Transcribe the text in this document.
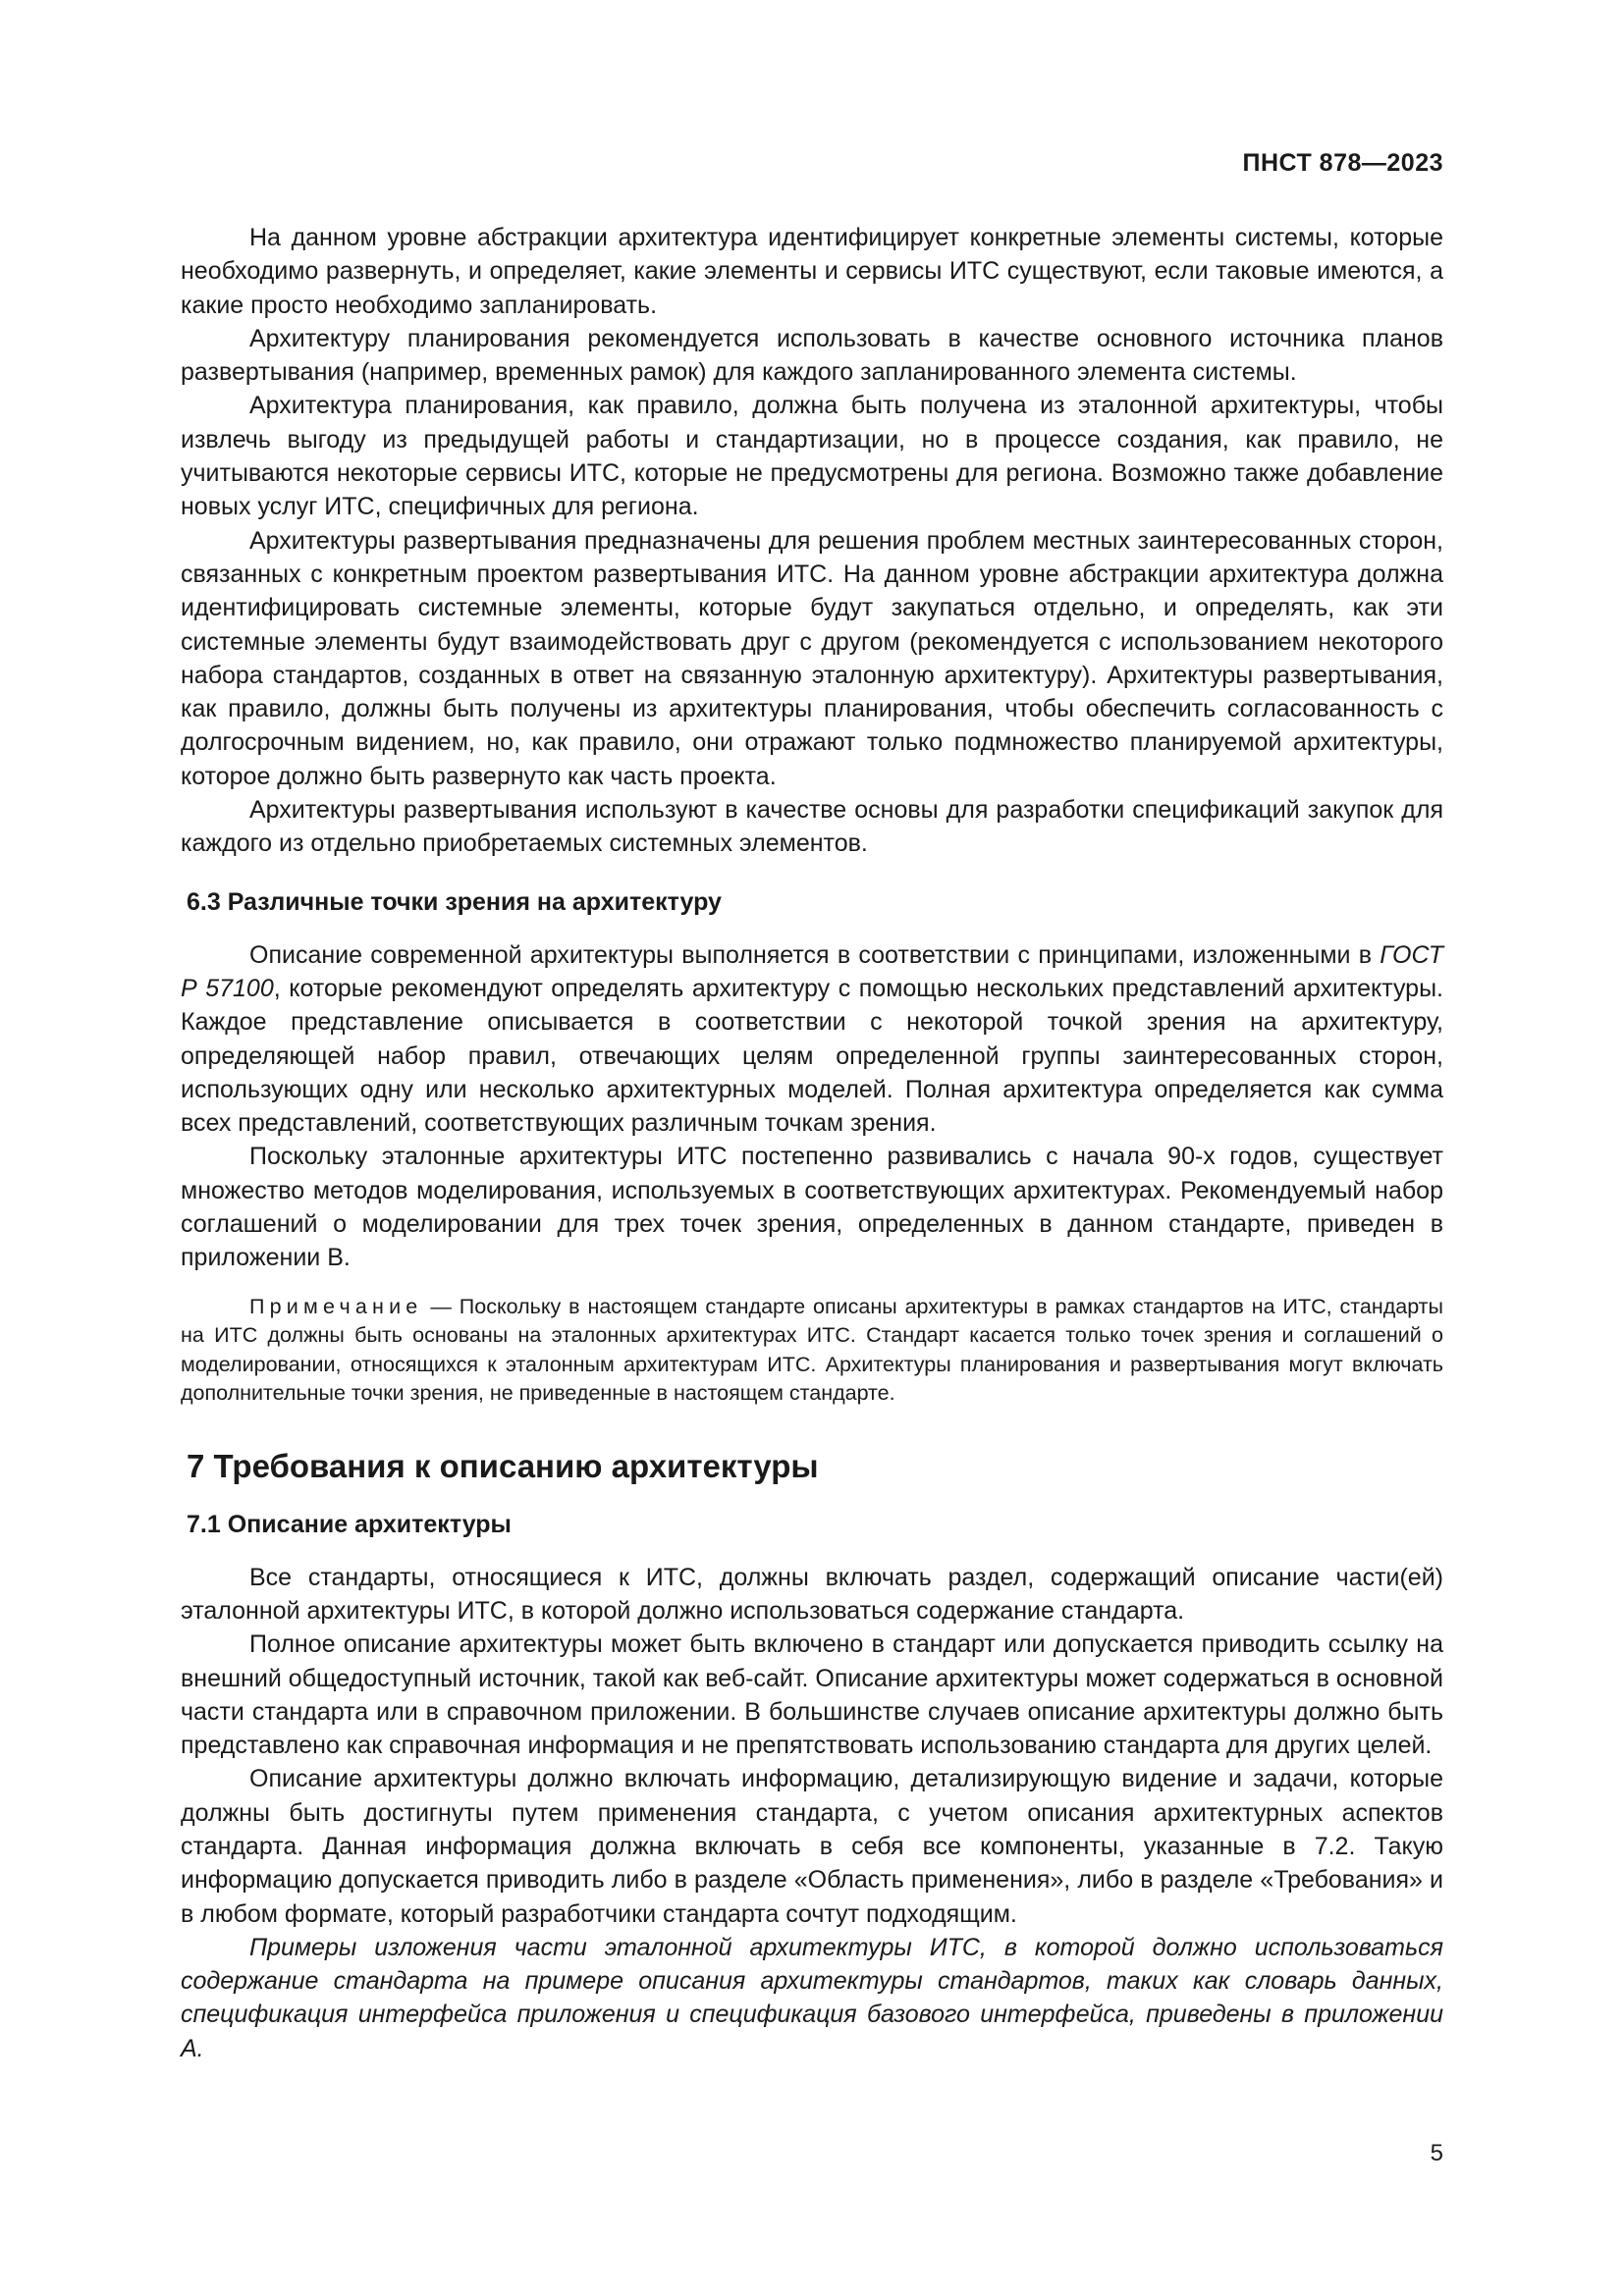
ПНСТ 878—2023

На данном уровне абстракции архитектура идентифицирует конкретные элементы системы, которые необходимо развернуть, и определяет, какие элементы и сервисы ИТС существуют, если таковые имеются, а какие просто необходимо запланировать.

Архитектуру планирования рекомендуется использовать в качестве основного источника планов развертывания (например, временных рамок) для каждого запланированного элемента системы.

Архитектура планирования, как правило, должна быть получена из эталонной архитектуры, чтобы извлечь выгоду из предыдущей работы и стандартизации, но в процессе создания, как правило, не учитываются некоторые сервисы ИТС, которые не предусмотрены для региона. Возможно также добавление новых услуг ИТС, специфичных для региона.

Архитектуры развертывания предназначены для решения проблем местных заинтересованных сторон, связанных с конкретным проектом развертывания ИТС. На данном уровне абстракции архитектура должна идентифицировать системные элементы, которые будут закупаться отдельно, и определять, как эти системные элементы будут взаимодействовать друг с другом (рекомендуется с использованием некоторого набора стандартов, созданных в ответ на связанную эталонную архитектуру). Архитектуры развертывания, как правило, должны быть получены из архитектуры планирования, чтобы обеспечить согласованность с долгосрочным видением, но, как правило, они отражают только подмножество планируемой архитектуры, которое должно быть развернуто как часть проекта.

Архитектуры развертывания используют в качестве основы для разработки спецификаций закупок для каждого из отдельно приобретаемых системных элементов.

6.3 Различные точки зрения на архитектуру

Описание современной архитектуры выполняется в соответствии с принципами, изложенными в ГОСТ Р 57100, которые рекомендуют определять архитектуру с помощью нескольких представлений архитектуры. Каждое представление описывается в соответствии с некоторой точкой зрения на архитектуру, определяющей набор правил, отвечающих целям определенной группы заинтересованных сторон, использующих одну или несколько архитектурных моделей. Полная архитектура определяется как сумма всех представлений, соответствующих различным точкам зрения.

Поскольку эталонные архитектуры ИТС постепенно развивались с начала 90-х годов, существует множество методов моделирования, используемых в соответствующих архитектурах. Рекомендуемый набор соглашений о моделировании для трех точек зрения, определенных в данном стандарте, приведен в приложении В.

Примечание — Поскольку в настоящем стандарте описаны архитектуры в рамках стандартов на ИТС, стандарты на ИТС должны быть основаны на эталонных архитектурах ИТС. Стандарт касается только точек зрения и соглашений о моделировании, относящихся к эталонным архитектурам ИТС. Архитектуры планирования и развертывания могут включать дополнительные точки зрения, не приведенные в настоящем стандарте.

7 Требования к описанию архитектуры
7.1 Описание архитектуры

Все стандарты, относящиеся к ИТС, должны включать раздел, содержащий описание части(ей) эталонной архитектуры ИТС, в которой должно использоваться содержание стандарта.

Полное описание архитектуры может быть включено в стандарт или допускается приводить ссылку на внешний общедоступный источник, такой как веб-сайт. Описание архитектуры может содержаться в основной части стандарта или в справочном приложении. В большинстве случаев описание архитектуры должно быть представлено как справочная информация и не препятствовать использованию стандарта для других целей.

Описание архитектуры должно включать информацию, детализирующую видение и задачи, которые должны быть достигнуты путем применения стандарта, с учетом описания архитектурных аспектов стандарта. Данная информация должна включать в себя все компоненты, указанные в 7.2. Такую информацию допускается приводить либо в разделе «Область применения», либо в разделе «Требования» и в любом формате, который разработчики стандарта сочтут подходящим.

Примеры изложения части эталонной архитектуры ИТС, в которой должно использоваться содержание стандарта на примере описания архитектуры стандартов, таких как словарь данных, спецификация интерфейса приложения и спецификация базового интерфейса, приведены в приложении А.

5
